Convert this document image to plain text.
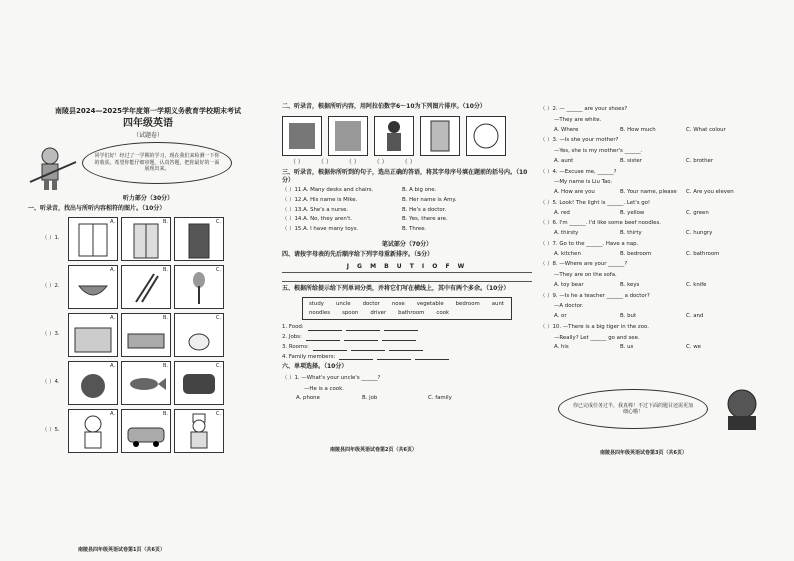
南陵县2024—2025学年度第一学期义务教育学校期末考试
四年级英语
（试题卷）
同学们好！经过了一学期的学习，现在我们来检测一下你的收获。希望你能仔细审题，认真答题，把你最好的一面展现出来。
听力部分（30分）
一、听录音，找出与所听内容相符的图片。（10分）
（ ）1.
A.	B.	C.
（ ）2.
A.	B.	C.
（ ）3.
A.	B.	C.
（ ）4.
A.	B.	C.
（ ）5.
A.	B.	C.
南陵县四年级英语试卷第1页（共6页）
二、听录音，根据所听内容，用阿拉伯数字6～10为下列图片排序。（10分）
（ ） （ ） （ ） （ ） （ ）
三、听录音，根据你所听到的句子，选出正确的答语，将其字母序号填在题前的括号内。（10分）
（ ）11.A. Many desks and chairs.	B. A big one.
（ ）12.A. His name is Mike.	B. Her name is Amy.
（ ）13.A. She's a nurse.	B. He's a doctor.
（ ）14.A. No, they aren't.	B. Yes, there are.
（ ）15.A. I have many toys.	B. Three.
笔试部分（70分）
四、请按字母表的先后顺序给下列字母重新排序。（5分）
J G M B U T I O F W
五、根据所给提示给下列单词分类，并将它们写在横线上，其中有两个多余。（10分）
study uncle doctor nose vegetable bedroom aunt
noodles spoon driver bathroom cook
1. Food:
2. Jobs:
3. Rooms:
4. Family members:
六、单项选择。（10分）
（ ）1. —What's your uncle's ______?
—He is a cook.
A. phone	B. job	C. family
南陵县四年级英语试卷第2页（共6页）
（ ）2. — ______ are your shoes?
—They are white.
A. Where	B. How much	C. What colour
（ ）3. —Is she your mother?
—Yes, she is my mother's ______.
A. aunt	B. sister	C. brother
（ ）4. —Excuse me, ______?
—My name is Liu Tao.
A. How are you	B. Your name, please	C. Are you eleven
（ ）5. Look! The light is ______. Let's go!
A. red	B. yellow	C. green
（ ）6. I'm ______. I'd like some beef noodles.
A. thirsty	B. thirty	C. hungry
（ ）7. Go to the ______. Have a nap.
A. kitchen	B. bedroom	C. bathroom
（ ）8. —Where are your ______?
—They are on the sofa.
A. toy bear	B. keys	C. knife
（ ）9. —Is he a teacher ______ a doctor?
—A doctor.
A. or	B. but	C. and
（ ）10. —There is a big tiger in the zoo.
—Really? Let ______ go and see.
A. his	B. us	C. we
你已完成任务过半，我真棒！不过下面的题目还需更加细心哦！
南陵县四年级英语试卷第3页（共6页）
